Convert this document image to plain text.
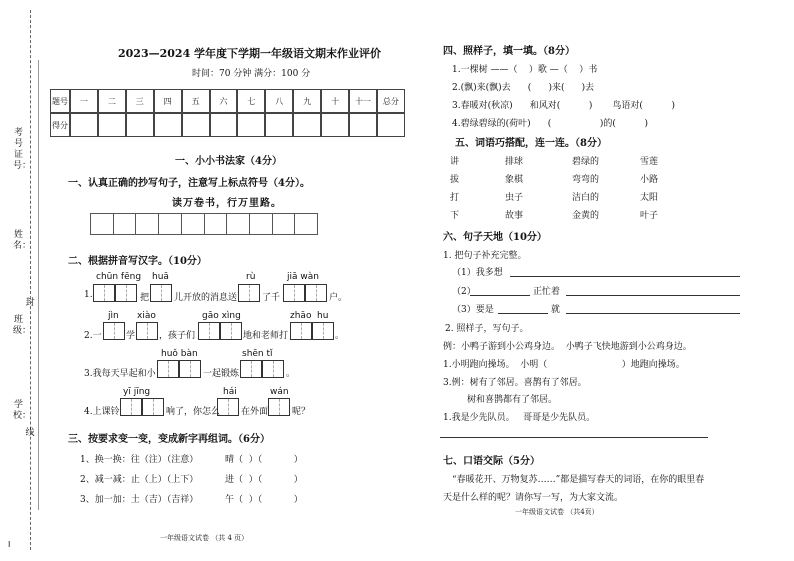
考号证号：
姓名：
班级：
学校：
封
线
I
2023—2024 学年度下学期一年级语文期末作业评价
时间：70 分钟 满分：100 分
题号	一	二	三	四	五	六	七	八	九	十	十一	总分
得分
一、小小书法家（4分）
一、认真正确的抄写句子，注意写上标点符号（4分）。
读万卷书，行万里路。
二、根据拼音写汉字。（10分）
chūn fēng huā	rù	jiā wàn
1.	把	儿开放的消息送	了千	户。
jìn xiào	gāo xìng	zhāo hu
2.一	学	，孩子们	地和老师打	。
huǒ bàn	shēn tǐ
3.我每天早起和小	一起锻炼	。
yī jīng	hái	wán
4.上课铃	响了，你怎么 在外面	呢？
三、按要求变一变，变成新字再组词。（6分）
1、换一换：往（注）（注意）	晴（  ）（           ）
2、减一减：止（上）（上下）	进（  ）（           ）
3、加一加：土（吉）（吉祥）	午（  ）（           ）
一年级语文试卷 （共 4 页）
四、照样子，填一填。（8分）
1.一棵树 ——（    ）歌 —（    ）书
2.(飘)来(飘)去      (      )来(      )去
3.春暖对(秋凉)      和风对(          )       鸟语对(          )
4.碧绿碧绿的(荷叶)      (                 )的(          )
五、词语巧搭配，连一连。（8分）
讲	排球	碧绿的	雪莲
拔	象棋	弯弯的	小路
打	虫子	洁白的	太阳
下	故事	金黄的	叶子
六、句子天地（10分）
1. 把句子补充完整。
（1）我多想
（2）	正忙着
（3）要是	就
2. 照样子，写句子。
例：小鸭子游到小公鸡身边。  小鸭子飞快地游到小公鸡身边。
1.小明跑向操场。  小明（                          ）地跑向操场。
3.例：树有了邻居。喜鹊有了邻居。
树和喜鹊都有了邻居。
1.我是少先队员。   哥哥是少先队员。
七、口语交际（5分）
“春暖花开、万物复苏……”都是描写春天的词语，在你的眼里春
天是什么样的呢？请你写一写，为大家文流。
一年级语文试卷 （共4页）
